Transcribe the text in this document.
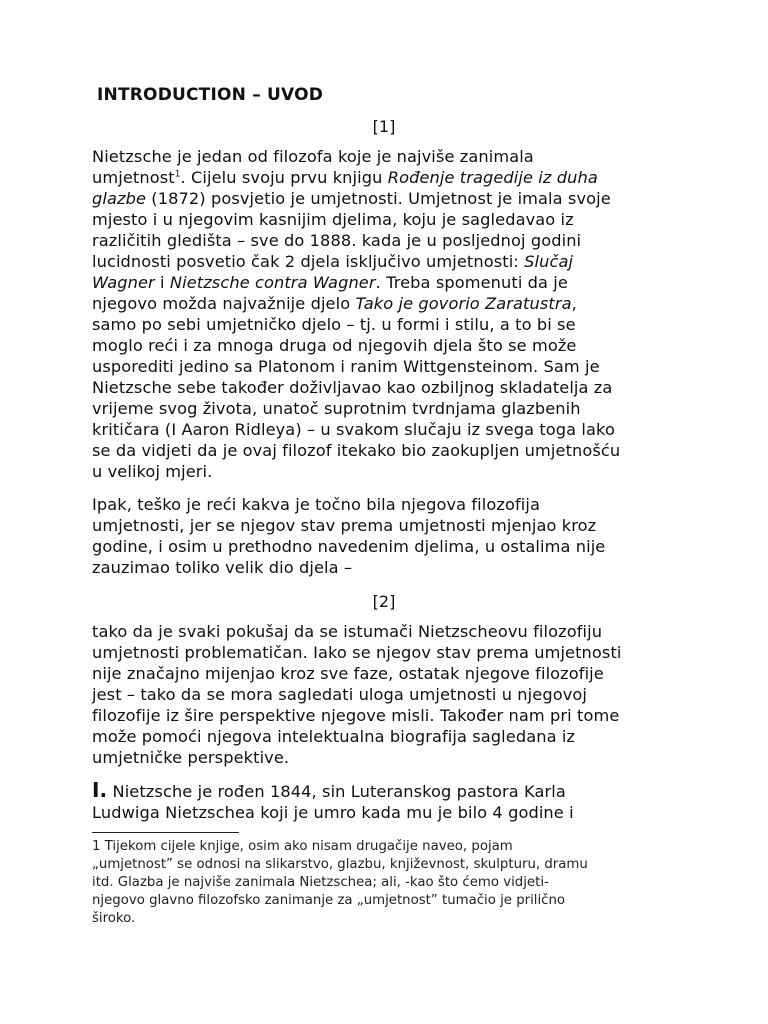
INTRODUCTION – UVOD
[1]
Nietzsche je jedan od filozofa koje je najviše zanimala
umjetnost$^1$. Cijelu svoju prvu knjigu Rođenje tragedije iz duha
glazbe (1872) posvjetio je umjetnosti. Umjetnost je imala svoje
mjesto i u njegovim kasnijim djelima, koju je sagledavao iz
različitih gledišta – sve do 1888. kada je u posljednoj godini
lucidnosti posvetio čak 2 djela isključivo umjetnosti: Slučaj
Wagner i Nietzsche contra Wagner. Treba spomenuti da je
njegovo možda najvažnije djelo Tako je govorio Zaratustra,
samo po sebi umjetničko djelo – tj. u formi i stilu, a to bi se
moglo reći i za mnoga druga od njegovih djela što se može
usporediti jedino sa Platonom i ranim Wittgensteinom. Sam je
Nietzsche sebe također doživljavao kao ozbiljnog skladatelja za
vrijeme svog života, unatoč suprotnim tvrdnjama glazbenih
kritičara (I Aaron Ridleya) – u svakom slučaju iz svega toga lako
se da vidjeti da je ovaj filozof itekako bio zaokupljen umjetnošću
u velikoj mjeri.
Ipak, teško je reći kakva je točno bila njegova filozofija
umjetnosti, jer se njegov stav prema umjetnosti mjenjao kroz
godine, i osim u prethodno navedenim djelima, u ostalima nije
zauzimao toliko velik dio djela –
[2]
tako da je svaki pokušaj da se istumači Nietzscheovu filozofiju
umjetnosti problematičan. Iako se njegov stav prema umjetnosti
nije značajno mijenjao kroz sve faze, ostatak njegove filozofije
jest – tako da se mora sagledati uloga umjetnosti u njegovoj
filozofije iz šire perspektive njegove misli. Također nam pri tome
može pomoći njegova intelektualna biografija sagledana iz
umjetničke perspektive.
I. Nietzsche je rođen 1844, sin Luteranskog pastora Karla
Ludwiga Nietzschea koji je umro kada mu je bilo 4 godine i
1 Tijekom cijele knjige, osim ako nisam drugačije naveo, pojam
„umjetnost” se odnosi na slikarstvo, glazbu, književnost, skulpturu, dramu
itd. Glazba je najviše zanimala Nietzschea; ali, -kao što ćemo vidjeti-
njegovo glavno filozofsko zanimanje za „umjetnost” tumačio je prilično
široko.
